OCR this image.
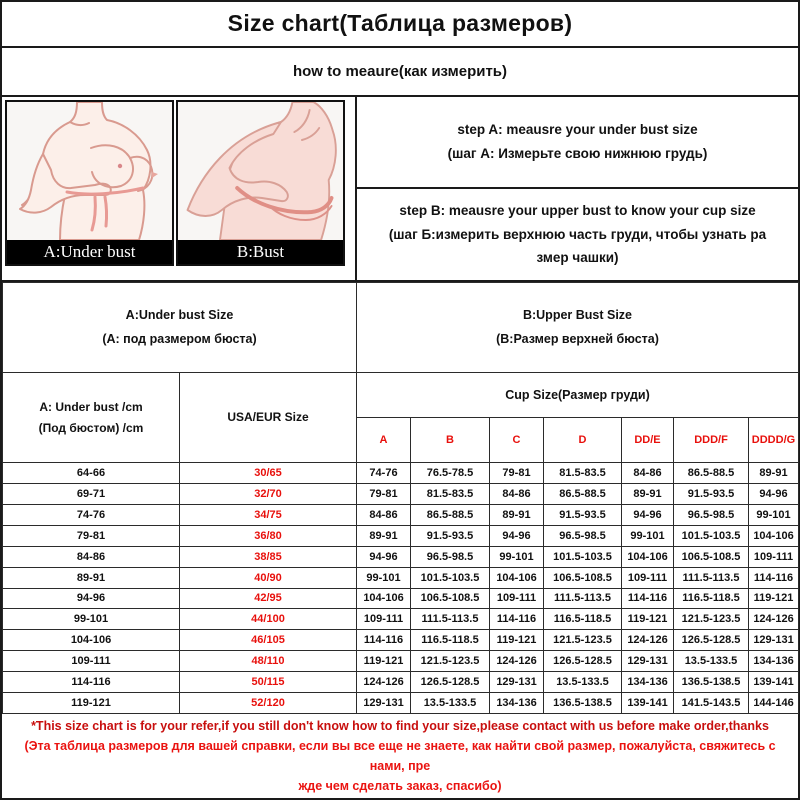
Size chart(Таблица размеров)
how to meaure(как измерить)
A:Under bust	B:Bust
step A: meausre your under bust size
(шаг А: Измерьте свою нижнюю грудь)
step B: meausre your upper bust to know your cup size
(шаг Б:измерить верхнюю часть груди, чтобы узнать ра
змер чашки)
A:Under bust Size
(A: под размером бюста)		B:Upper Bust Size
(B:Размер верхней бюста)						

A: Under bust /cm
(Под бюстом) /cm	USA/EUR Size	Cup Size(Размер груди)						
		A	B	C	D	DD/E	DDD/F	DDDD/G
64-66	30/65	74-76	76.5-78.5	79-81	81.5-83.5	84-86	86.5-88.5	89-91
69-71	32/70	79-81	81.5-83.5	84-86	86.5-88.5	89-91	91.5-93.5	94-96
74-76	34/75	84-86	86.5-88.5	89-91	91.5-93.5	94-96	96.5-98.5	99-101
79-81	36/80	89-91	91.5-93.5	94-96	96.5-98.5	99-101	101.5-103.5	104-106
84-86	38/85	94-96	96.5-98.5	99-101	101.5-103.5	104-106	106.5-108.5	109-111
89-91	40/90	99-101	101.5-103.5	104-106	106.5-108.5	109-111	111.5-113.5	114-116
94-96	42/95	104-106	106.5-108.5	109-111	111.5-113.5	114-116	116.5-118.5	119-121
99-101	44/100	109-111	111.5-113.5	114-116	116.5-118.5	119-121	121.5-123.5	124-126
104-106	46/105	114-116	116.5-118.5	119-121	121.5-123.5	124-126	126.5-128.5	129-131
109-111	48/110	119-121	121.5-123.5	124-126	126.5-128.5	129-131	13.5-133.5	134-136
114-116	50/115	124-126	126.5-128.5	129-131	13.5-133.5	134-136	136.5-138.5	139-141
119-121	52/120	129-131	13.5-133.5	134-136	136.5-138.5	139-141	141.5-143.5	144-146
*This size chart is for your refer,if you still don't know how to find your size,please contact with us before make order,thanks
(Эта таблица размеров для вашей справки, если вы все еще не знаете, как найти свой размер, пожалуйста, свяжитесь с нами, пре
жде чем сделать заказ, спасибо)
